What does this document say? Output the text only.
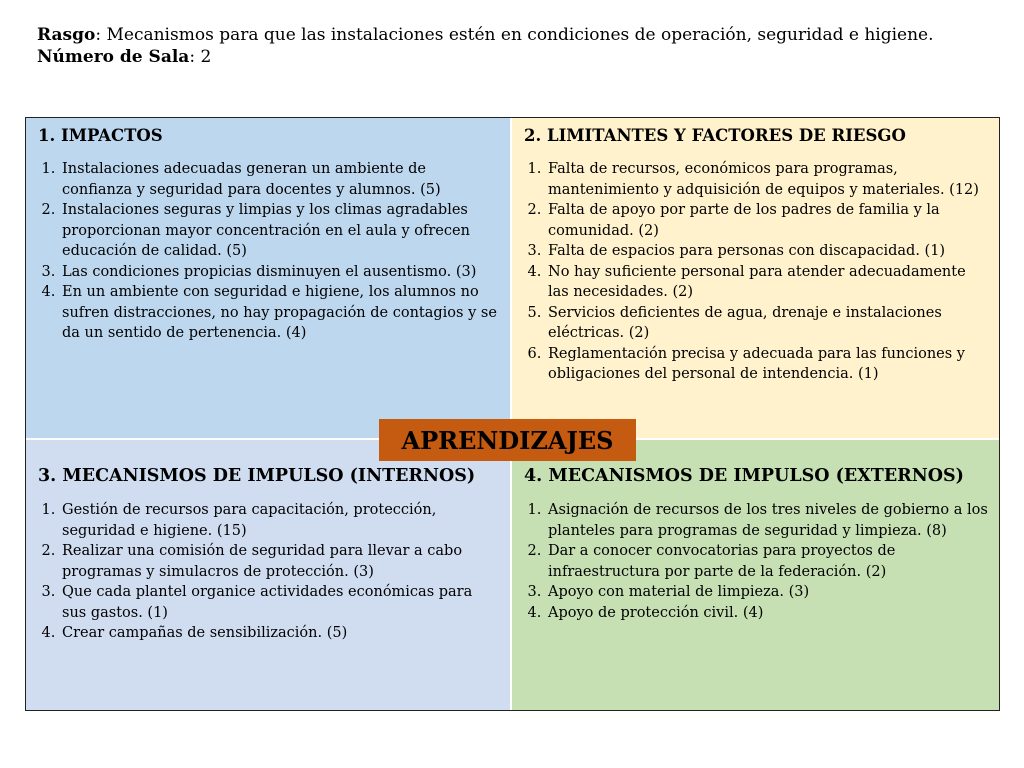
Rasgo: Mecanismos para que las instalaciones estén en condiciones de operación, seguridad e higiene.
Número de Sala: 2
1. IMPACTOS
1. Instalaciones adecuadas generan un ambiente de confianza y seguridad para docentes y alumnos. (5)
2. Instalaciones seguras y limpias y los climas agradables proporcionan mayor concentración en el aula y ofrecen educación de calidad. (5)
3. Las condiciones propicias disminuyen el ausentismo. (3)
4. En un ambiente con seguridad e higiene, los alumnos no sufren distracciones, no hay propagación de contagios y se da un sentido de pertenencia. (4)
2. LIMITANTES Y FACTORES DE RIESGO
1. Falta de recursos, económicos para programas, mantenimiento y adquisición de equipos y materiales. (12)
2. Falta de apoyo por parte de los padres de familia y la comunidad. (2)
3. Falta de espacios para personas con discapacidad. (1)
4. No hay suficiente personal para atender adecuadamente las necesidades. (2)
5. Servicios deficientes de agua, drenaje e instalaciones eléctricas. (2)
6. Reglamentación precisa y adecuada para las funciones y obligaciones del personal de intendencia. (1)
3. MECANISMOS DE IMPULSO (INTERNOS)
1. Gestión de recursos para capacitación, protección, seguridad e higiene. (15)
2. Realizar una comisión de seguridad para llevar a cabo programas y simulacros de protección. (3)
3. Que cada plantel organice actividades económicas para sus gastos. (1)
4. Crear campañas de sensibilización. (5)
4. MECANISMOS DE IMPULSO (EXTERNOS)
1. Asignación de recursos de los tres niveles de gobierno a los planteles para programas de seguridad y limpieza. (8)
2. Dar a conocer convocatorias para proyectos de infraestructura por parte de la federación. (2)
3. Apoyo con material de limpieza. (3)
4. Apoyo de protección civil. (4)
APRENDIZAJES
